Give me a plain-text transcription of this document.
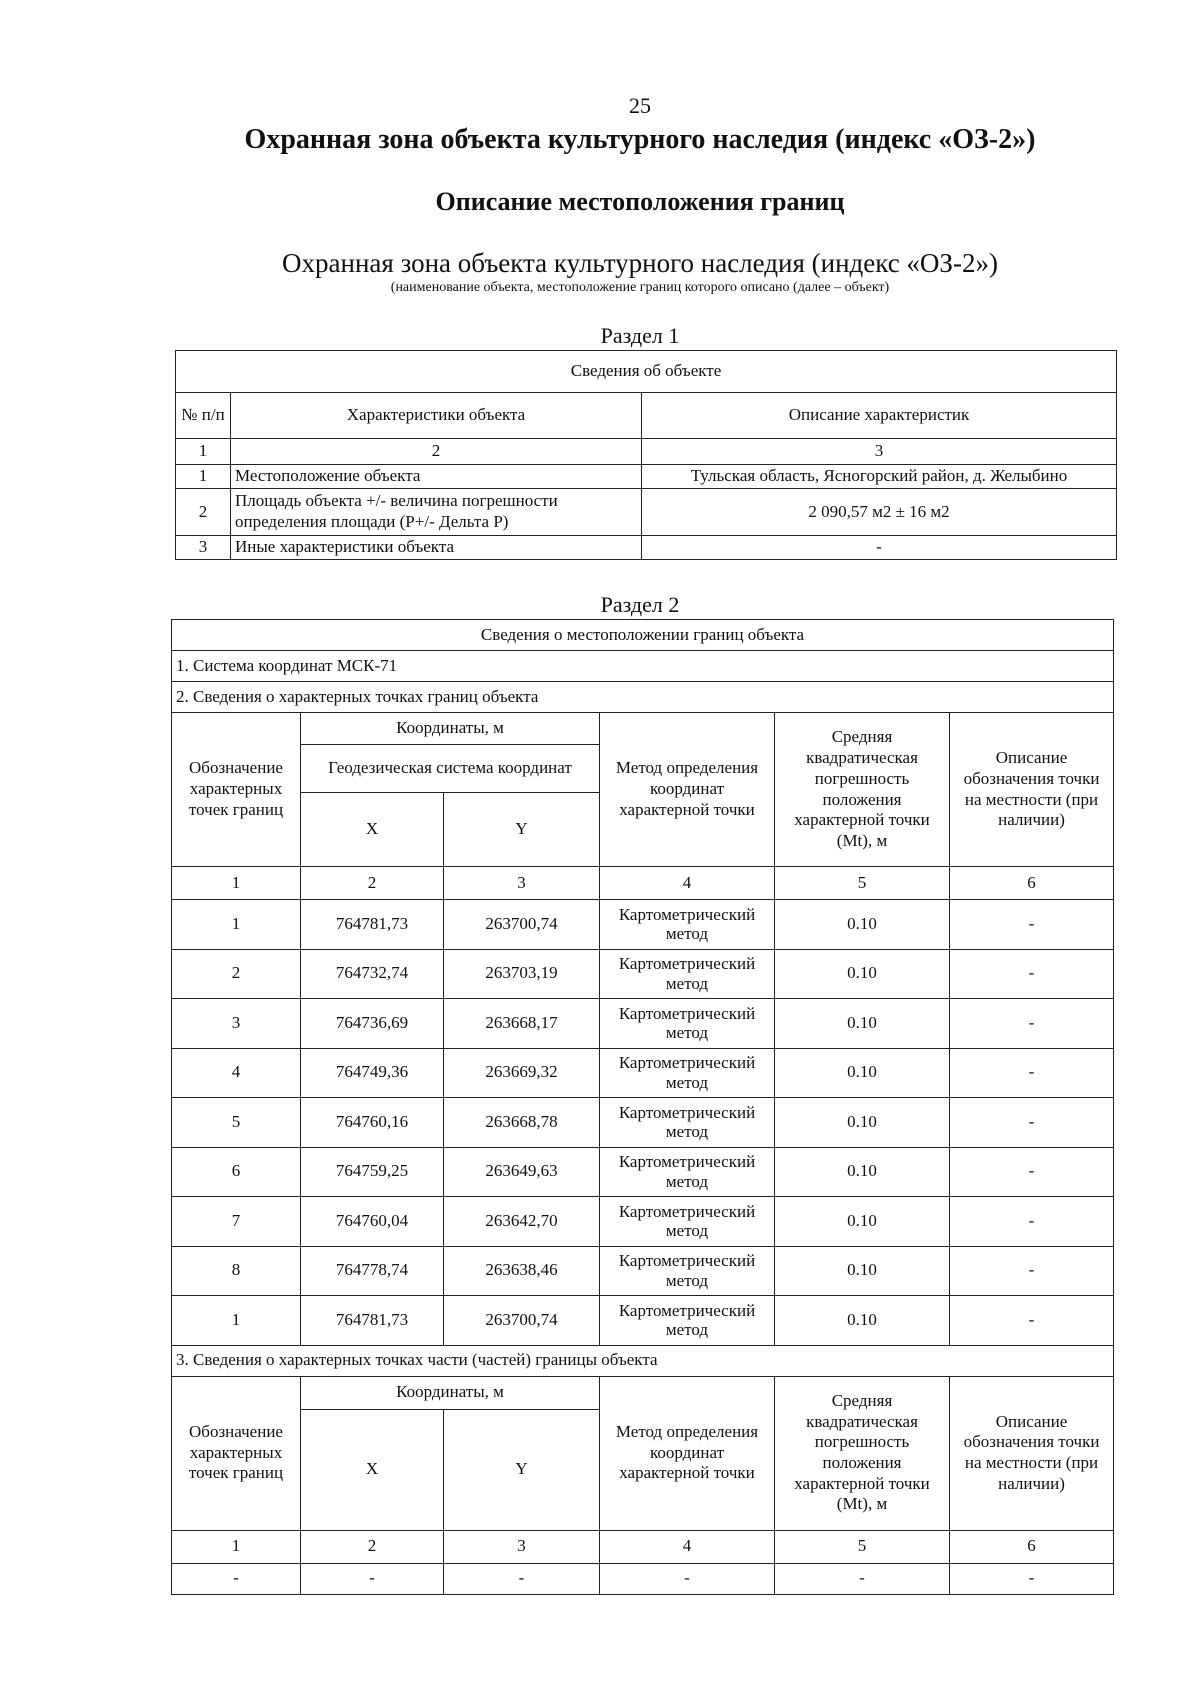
25
Охранная зона объекта культурного наследия (индекс «ОЗ-2»)
Описание местоположения границ
Охранная зона объекта культурного наследия (индекс «ОЗ-2»)
(наименование объекта, местоположение границ которого описано (далее – объект)
Раздел 1
Сведения об объекте		
№ п/п	Характеристики объекта	Описание характеристик
1	2	3
1	Местоположение объекта	Тульская область, Ясногорский район, д. Желыбино
2	Площадь объекта +/- величина погрешности определения площади (Р+/- Дельта Р)	2 090,57 м2 ± 16 м2
3	Иные характеристики объекта	-
Раздел 2
Сведения о местоположении границ объекта					
1. Система координат МСК-71					
2. Сведения о характерных точках границ объекта					
Обозначение характерных точек границ	Координаты, м		Метод определения координат характерной точки	Средняя квадратическая погрешность положения характерной точки (Mt), м	Описание обозначения точки на местности (при наличии)
	Геодезическая система координат				
	X	Y			
1	2	3	4	5	6
1	764781,73	263700,74	Картометрический метод	0.10	-
2	764732,74	263703,19	Картометрический метод	0.10	-
3	764736,69	263668,17	Картометрический метод	0.10	-
4	764749,36	263669,32	Картометрический метод	0.10	-
5	764760,16	263668,78	Картометрический метод	0.10	-
6	764759,25	263649,63	Картометрический метод	0.10	-
7	764760,04	263642,70	Картометрический метод	0.10	-
8	764778,74	263638,46	Картометрический метод	0.10	-
1	764781,73	263700,74	Картометрический метод	0.10	-
3. Сведения о характерных точках части (частей) границы объекта					
Обозначение характерных точек границ	Координаты, м		Метод определения координат характерной точки	Средняя квадратическая погрешность положения характерной точки (Mt), м	Описание обозначения точки на местности (при наличии)
	X	Y			
1	2	3	4	5	6
-	-	-	-	-	-
